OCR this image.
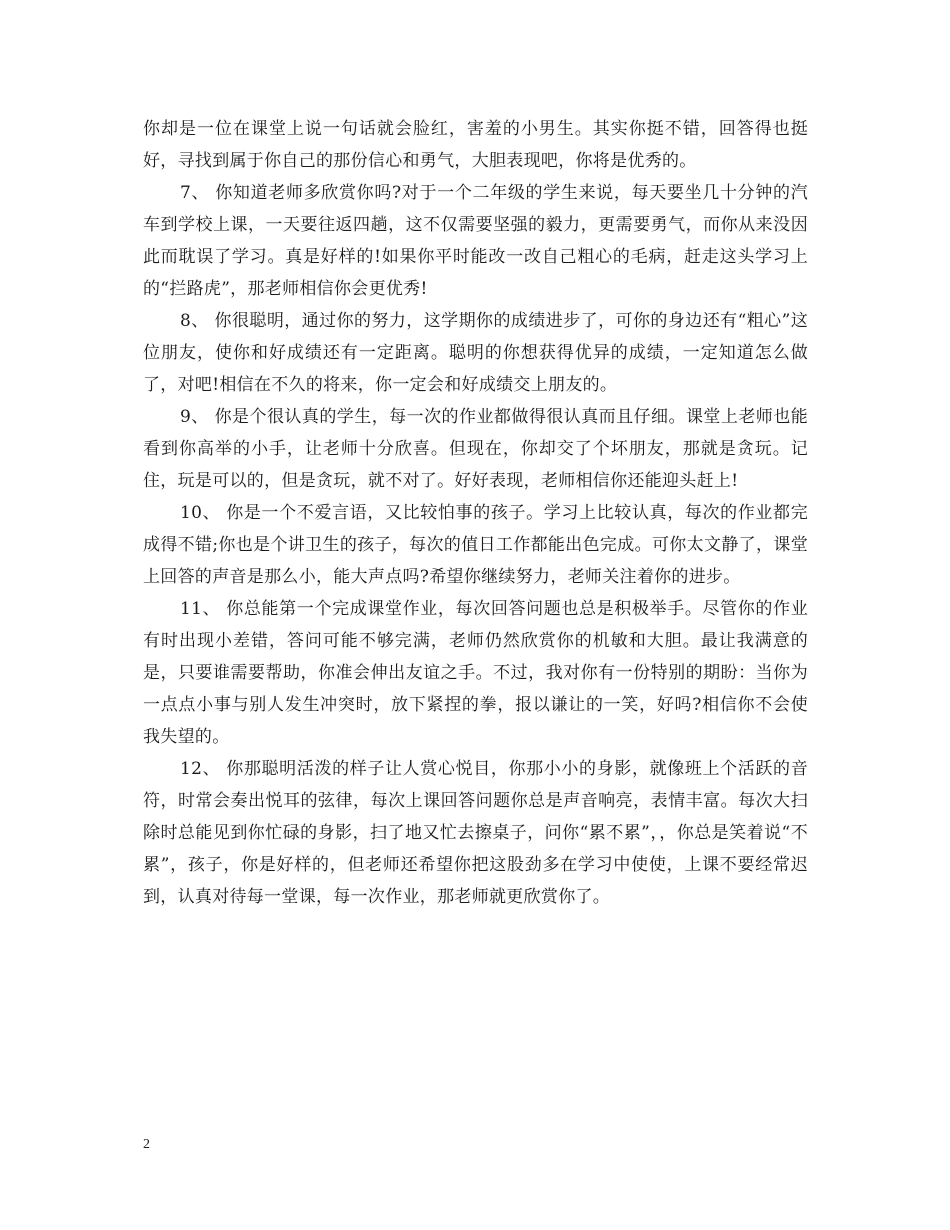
你却是一位在课堂上说一句话就会脸红，害羞的小男生。其实你挺不错，回答得也挺好，寻找到属于你自己的那份信心和勇气，大胆表现吧，你将是优秀的。

7、 你知道老师多欣赏你吗?对于一个二年级的学生来说，每天要坐几十分钟的汽车到学校上课，一天要往返四趟，这不仅需要坚强的毅力，更需要勇气，而你从来没因此而耽误了学习。真是好样的!如果你平时能改一改自己粗心的毛病，赶走这头学习上的“拦路虎”，那老师相信你会更优秀!

8、 你很聪明，通过你的努力，这学期你的成绩进步了，可你的身边还有“粗心”这位朋友，使你和好成绩还有一定距离。聪明的你想获得优异的成绩，一定知道怎么做了，对吧!相信在不久的将来，你一定会和好成绩交上朋友的。

9、 你是个很认真的学生，每一次的作业都做得很认真而且仔细。课堂上老师也能看到你高举的小手，让老师十分欣喜。但现在，你却交了个坏朋友，那就是贪玩。记住，玩是可以的，但是贪玩，就不对了。好好表现，老师相信你还能迎头赶上!

10、 你是一个不爱言语，又比较怕事的孩子。学习上比较认真，每次的作业都完成得不错;你也是个讲卫生的孩子，每次的值日工作都能出色完成。可你太文静了，课堂上回答的声音是那么小，能大声点吗?希望你继续努力，老师关注着你的进步。

11、 你总能第一个完成课堂作业，每次回答问题也总是积极举手。尽管你的作业有时出现小差错，答问可能不够完满，老师仍然欣赏你的机敏和大胆。最让我满意的是，只要谁需要帮助，你准会伸出友谊之手。不过，我对你有一份特别的期盼：当你为一点点小事与别人发生冲突时，放下紧捏的拳，报以谦让的一笑，好吗?相信你不会使我失望的。

12、 你那聪明活泼的样子让人赏心悦目，你那小小的身影，就像班上个活跃的音符，时常会奏出悦耳的弦律，每次上课回答问题你总是声音响亮，表情丰富。每次大扫除时总能见到你忙碌的身影，扫了地又忙去擦桌子，问你“累不累”，，你总是笑着说“不累”，孩子，你是好样的，但老师还希望你把这股劲多在学习中使使，上课不要经常迟到，认真对待每一堂课，每一次作业，那老师就更欣赏你了。

2
